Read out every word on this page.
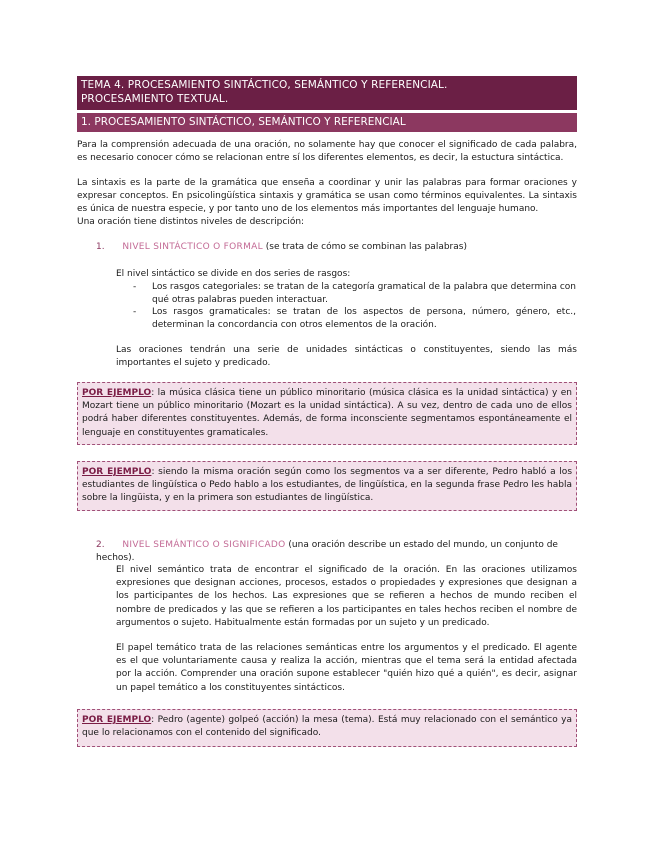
TEMA 4. PROCESAMIENTO SINTÁCTICO, SEMÁNTICO Y REFERENCIAL.
PROCESAMIENTO TEXTUAL.
1. PROCESAMIENTO SINTÁCTICO, SEMÁNTICO Y REFERENCIAL

Para la comprensión adecuada de una oración, no solamente hay que conocer el significado de cada palabra, es necesario conocer cómo se relacionan entre sí los diferentes elementos, es decir, la estuctura sintáctica.

La sintaxis es la parte de la gramática que enseña a coordinar y unir las palabras para formar oraciones y expresar conceptos. En psicolingüística sintaxis y gramática se usan como términos equivalentes. La sintaxis es única de nuestra especie, y por tanto uno de los elementos más importantes del lenguaje humano.

Una oración tiene distintos niveles de descripción:

1. NIVEL SINTÁCTICO O FORMAL (se trata de cómo se combinan las palabras)

El nivel sintáctico se divide en dos series de rasgos:

- Los rasgos categoriales: se tratan de la categoría gramatical de la palabra que determina con qué otras palabras pueden interactuar.
- Los rasgos gramaticales: se tratan de los aspectos de persona, número, género, etc., determinan la concordancia con otros elementos de la oración.

Las oraciones tendrán una serie de unidades sintácticas o constituyentes, siendo las más importantes el sujeto y predicado.

POR EJEMPLO: la música clásica tiene un público minoritario (música clásica es la unidad sintáctica) y en Mozart tiene un público minoritario (Mozart es la unidad sintáctica). A su vez, dentro de cada uno de ellos podrá haber diferentes constituyentes. Además, de forma inconsciente segmentamos espontáneamente el lenguaje en constituyentes gramaticales.
POR EJEMPLO: siendo la misma oración según como los segmentos va a ser diferente, Pedro habló a los estudiantes de lingüística o Pedo hablo a los estudiantes, de lingüística, en la segunda frase Pedro les habla sobre la lingüista, y en la primera son estudiantes de lingüística.
2. NIVEL SEMÁNTICO O SIGNIFICADO (una oración describe un estado del mundo, un conjunto de hechos).

El nivel semántico trata de encontrar el significado de la oración. En las oraciones utilizamos expresiones que designan acciones, procesos, estados o propiedades y expresiones que designan a los participantes de los hechos. Las expresiones que se refieren a hechos de mundo reciben el nombre de predicados y las que se refieren a los participantes en tales hechos reciben el nombre de argumentos o sujeto. Habitualmente están formadas por un sujeto y un predicado.

El papel temático trata de las relaciones semánticas entre los argumentos y el predicado. El agente es el que voluntariamente causa y realiza la acción, mientras que el tema será la entidad afectada por la acción. Comprender una oración supone establecer "quién hizo qué a quién", es decir, asignar un papel temático a los constituyentes sintácticos.

POR EJEMPLO: Pedro (agente) golpeó (acción) la mesa (tema). Está muy relacionado con el semántico ya que lo relacionamos con el contenido del significado.
